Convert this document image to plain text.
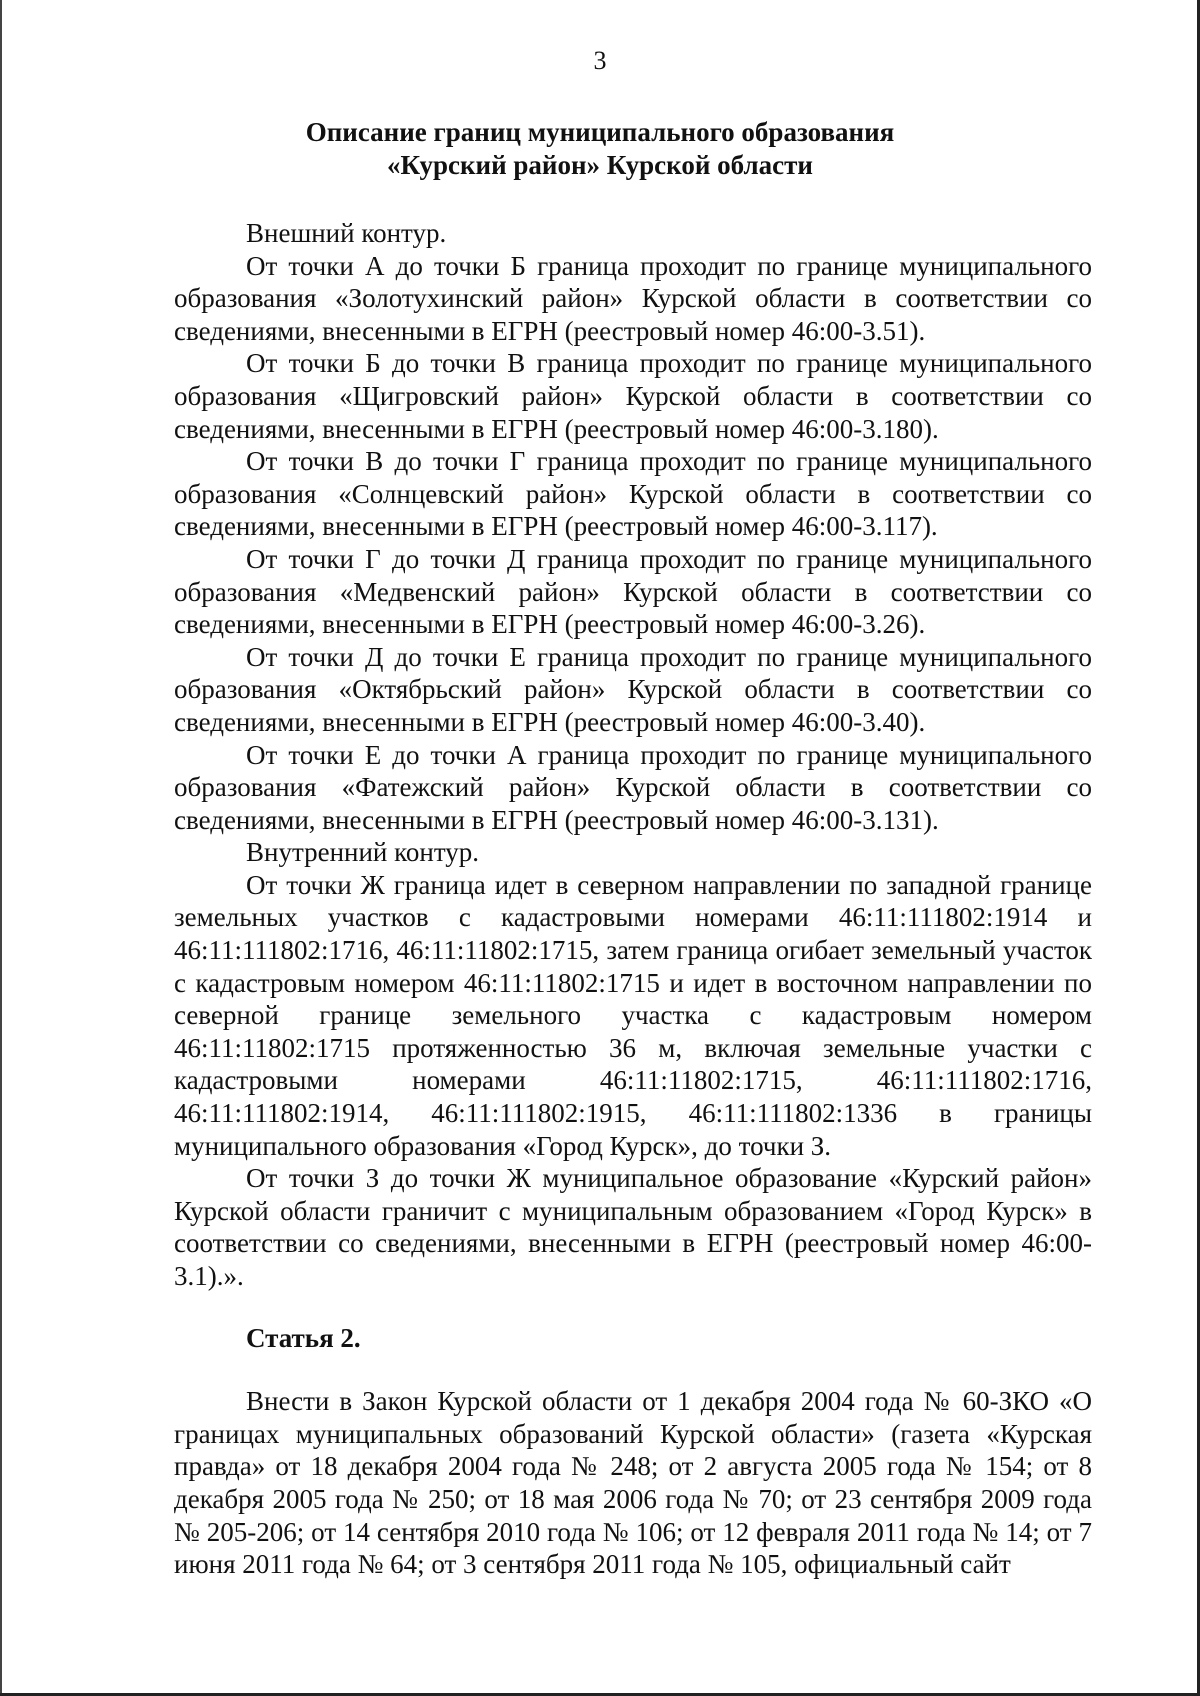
3
Описание границ муниципального образования
«Курский район» Курской области

Внешний контур.

От точки А до точки Б граница проходит по границе муниципального образования «Золотухинский район» Курской области в соответствии со сведениями, внесенными в ЕГРН (реестровый номер 46:00-3.51).

От точки Б до точки В граница проходит по границе муниципального образования «Щигровский район» Курской области в соответствии со сведениями, внесенными в ЕГРН (реестровый номер 46:00-3.180).

От точки В до точки Г граница проходит по границе муниципального образования «Солнцевский район» Курской области в соответствии со сведениями, внесенными в ЕГРН (реестровый номер 46:00-3.117).

От точки Г до точки Д граница проходит по границе муниципального образования «Медвенский район» Курской области в соответствии со сведениями, внесенными в ЕГРН (реестровый номер 46:00-3.26).

От точки Д до точки Е граница проходит по границе муниципального образования «Октябрьский район» Курской области в соответствии со сведениями, внесенными в ЕГРН (реестровый номер 46:00-3.40).

От точки Е до точки А граница проходит по границе муниципального образования «Фатежский район» Курской области в соответствии со сведениями, внесенными в ЕГРН (реестровый номер 46:00-3.131).

Внутренний контур.

От точки Ж граница идет в северном направлении по западной границе земельных участков с кадастровыми номерами 46:11:111802:1914 и 46:11:111802:1716, 46:11:11802:1715, затем граница огибает земельный участок с кадастровым номером 46:11:11802:1715 и идет в восточном направлении по северной границе земельного участка с кадастровым номером 46:11:11802:1715 протяженностью 36 м, включая земельные участки с кадастровыми номерами 46:11:11802:1715, 46:11:111802:1716, 46:11:111802:1914, 46:11:111802:1915, 46:11:111802:1336 в границы муниципального образования «Город Курск», до точки З.

От точки З до точки Ж муниципальное образование «Курский район» Курской области граничит с муниципальным образованием «Город Курск» в соответствии со сведениями, внесенными в ЕГРН (реестровый номер 46:00-3.1).».

Статья 2.

Внести в Закон Курской области от 1 декабря 2004 года № 60-ЗКО «О границах муниципальных образований Курской области» (газета «Курская правда» от 18 декабря 2004 года № 248; от 2 августа 2005 года № 154; от 8 декабря 2005 года № 250; от 18 мая 2006 года № 70; от 23 сентября 2009 года № 205-206; от 14 сентября 2010 года № 106; от 12 февраля 2011 года № 14; от 7 июня 2011 года № 64; от 3 сентября 2011 года № 105, официальный сайт
